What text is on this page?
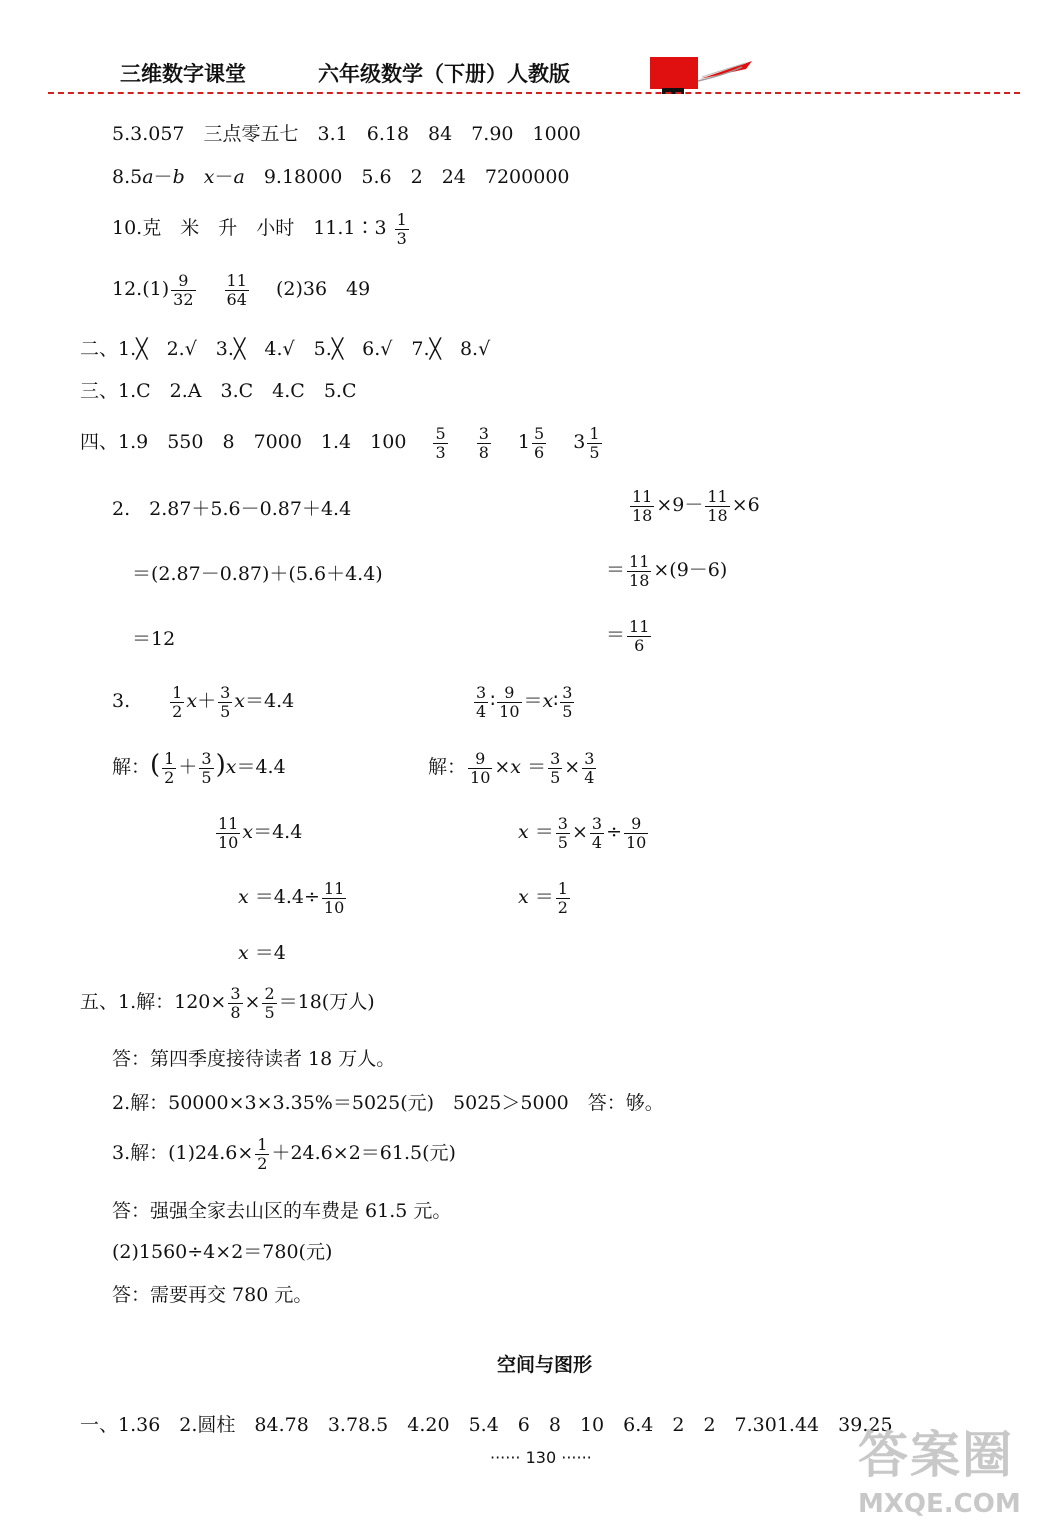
三维数字课堂	六年级数学（下册）人教版
5.3.057　三点零五七　3.1　6.18　84　7.90　1000
8.5a－b　 x－a　 9.18000　5.6　2　24　7200000
10.克　米　升　小时　11.1∶3 $\frac{1}{3}$
$12.(1) \frac{9}{32}$
　 $\frac{11}{64}$
　 (2)36　49
二、1.╳　2.√　3.╳　4.√　5.╳　6.√　7.╳　8.√
三、1.C　2.A　3.C　4.C　5.C
四、1.9　550　8　7000　1.4　100 　 $\frac{5}{3}$
　 $\frac{3}{8}$
　 $1 \frac{5}{6}$
　 $3 \frac{1}{5}$
2.　2.87＋5.6－0.87＋4.4
＝(2.87－0.87)＋(5.6＋4.4)
＝12
$\frac{11}{18} \times 9- \frac{11}{18} \times 6$
＝ $\frac{11}{18} \times(9-6)$
＝ $\frac{11}{6}$
3.　　	$\frac{1}{2} x+ \frac{3}{5} x=4.4$
解：( $\frac{1}{2} + \frac{3}{5} )x=4.4$
$\frac{11}{10} x=4.4$
$x =4.4\div \frac{11}{10}$
x ＝4
$\frac{3}{4}$ ∶ $\frac{9}{10}$ ＝x∶ $\frac{3}{5}$
解： $\frac{9}{10} \times x = \frac{3}{5} \times \frac{3}{4}$
$x = \frac{3}{5} \times \frac{3}{4} \div \frac{9}{10}$
$x = \frac{1}{2}$
五、1.解：$120\times \frac{3}{8} \times \frac{2}{5} =18$(万人)
答：第四季度接待读者 18 万人。
2.解：50000×3×3.35%＝5025(元)　5025＞5000　答：够。
3.解：$(1)24.6\times \frac{1}{2} +24.6\times 2=61.5$(元)
答：强强全家去山区的车费是 61.5 元。
(2)1560÷4×2＝780(元)
答：需要再交 780 元。
空间与图形
一、1.36　2.圆柱　84.78　3.78.5　4.20　5.4　6　8　10　6.4　2　2　7.301.44　39.25
······ 130 ······	答案圈
MXQE.COM
